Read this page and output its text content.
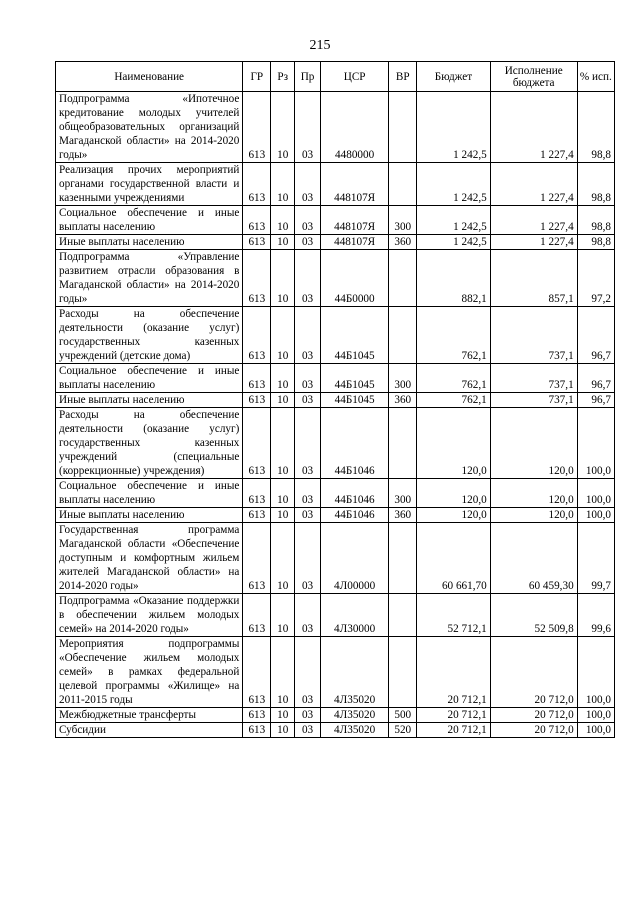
215
Наименование	ГР	Рз	Пр	ЦСР	ВР	Бюджет	Исполнение бюджета	% исп.
Подпрограмма «Ипотечное кредитование молодых учителей общеобразовательных организаций Магаданской области» на 2014-2020 годы»	613	10	03	4480000		1 242,5	1 227,4	98,8
Реализация прочих мероприятий органами государственной власти и казенными учреждениями	613	10	03	448107Я		1 242,5	1 227,4	98,8
Социальное обеспечение и иные выплаты населению	613	10	03	448107Я	300	1 242,5	1 227,4	98,8
Иные выплаты населению	613	10	03	448107Я	360	1 242,5	1 227,4	98,8
Подпрограмма «Управление развитием отрасли образования в Магаданской области» на 2014-2020 годы»	613	10	03	44Б0000		882,1	857,1	97,2
Расходы на обеспечение деятельности (оказание услуг) государственных казенных учреждений (детские дома)	613	10	03	44Б1045		762,1	737,1	96,7
Социальное обеспечение и иные выплаты населению	613	10	03	44Б1045	300	762,1	737,1	96,7
Иные выплаты населению	613	10	03	44Б1045	360	762,1	737,1	96,7
Расходы на обеспечение деятельности (оказание услуг) государственных казенных учреждений (специальные (коррекционные) учреждения)	613	10	03	44Б1046		120,0	120,0	100,0
Социальное обеспечение и иные выплаты населению	613	10	03	44Б1046	300	120,0	120,0	100,0
Иные выплаты населению	613	10	03	44Б1046	360	120,0	120,0	100,0
Государственная программа Магаданской области «Обеспечение доступным и комфортным жильем жителей Магаданской области» на 2014-2020 годы»	613	10	03	4Л00000		60 661,70	60 459,30	99,7
Подпрограмма «Оказание поддержки в обеспечении жильем молодых семей» на 2014-2020 годы»	613	10	03	4Л30000		52 712,1	52 509,8	99,6
Мероприятия подпрограммы «Обеспечение жильем молодых семей» в рамках федеральной целевой программы «Жилище» на 2011-2015 годы	613	10	03	4Л35020		20 712,1	20 712,0	100,0
Межбюджетные трансферты	613	10	03	4Л35020	500	20 712,1	20 712,0	100,0
Субсидии	613	10	03	4Л35020	520	20 712,1	20 712,0	100,0
